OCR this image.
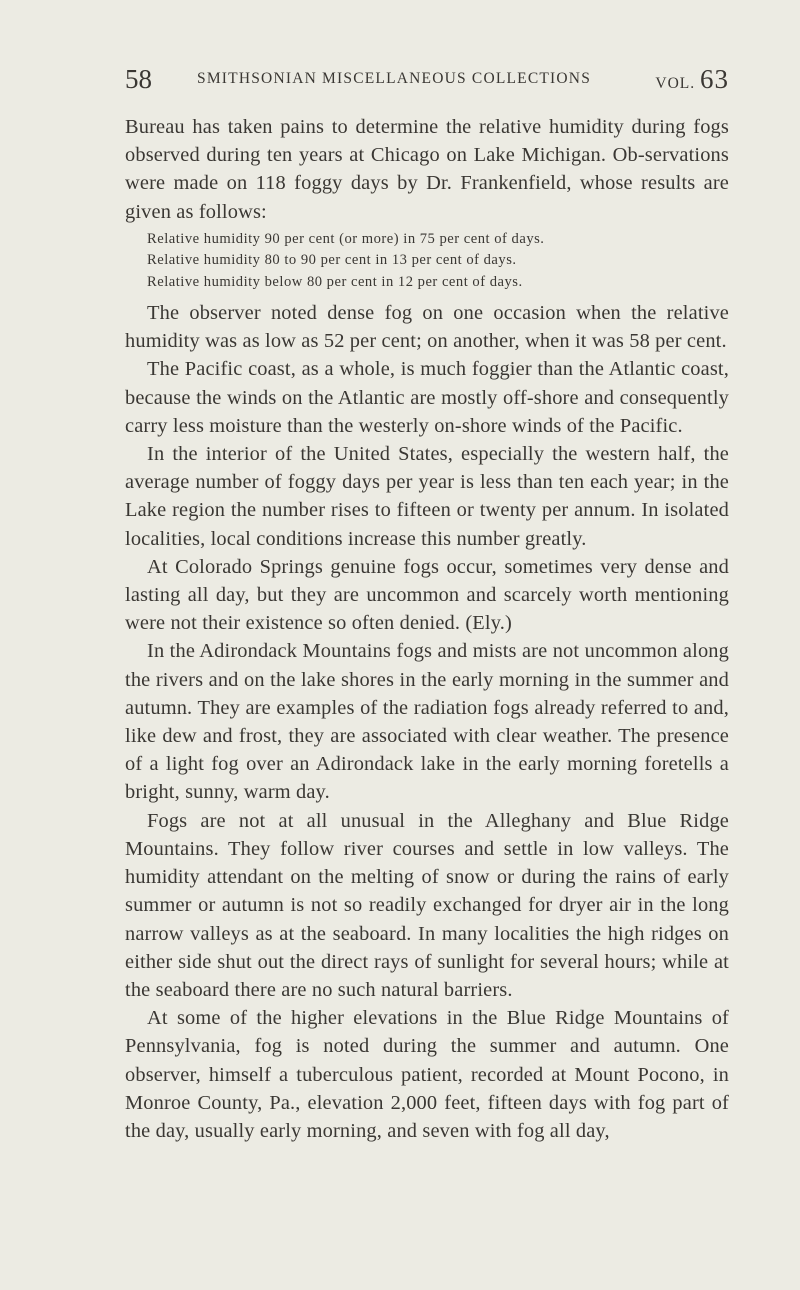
58	SMITHSONIAN MISCELLANEOUS COLLECTIONS	VOL. 63

Bureau has taken pains to determine the relative humidity during fogs observed during ten years at Chicago on Lake Michigan. Ob-servations were made on 118 foggy days by Dr. Frankenfield, whose results are given as follows:

Relative humidity 90 per cent (or more) in 75 per cent of days.
Relative humidity 80 to 90 per cent in 13 per cent of days.
Relative humidity below 80 per cent in 12 per cent of days.

The observer noted dense fog on one occasion when the relative humidity was as low as 52 per cent; on another, when it was 58 per cent.

The Pacific coast, as a whole, is much foggier than the Atlantic coast, because the winds on the Atlantic are mostly off-shore and consequently carry less moisture than the westerly on-shore winds of the Pacific.

In the interior of the United States, especially the western half, the average number of foggy days per year is less than ten each year; in the Lake region the number rises to fifteen or twenty per annum. In isolated localities, local conditions increase this number greatly.

At Colorado Springs genuine fogs occur, sometimes very dense and lasting all day, but they are uncommon and scarcely worth mentioning were not their existence so often denied. (Ely.)

In the Adirondack Mountains fogs and mists are not uncommon along the rivers and on the lake shores in the early morning in the summer and autumn. They are examples of the radiation fogs already referred to and, like dew and frost, they are associated with clear weather. The presence of a light fog over an Adirondack lake in the early morning foretells a bright, sunny, warm day.

Fogs are not at all unusual in the Alleghany and Blue Ridge Mountains. They follow river courses and settle in low valleys. The humidity attendant on the melting of snow or during the rains of early summer or autumn is not so readily exchanged for dryer air in the long narrow valleys as at the seaboard. In many localities the high ridges on either side shut out the direct rays of sunlight for several hours; while at the seaboard there are no such natural barriers.

At some of the higher elevations in the Blue Ridge Mountains of Pennsylvania, fog is noted during the summer and autumn. One observer, himself a tuberculous patient, recorded at Mount Pocono, in Monroe County, Pa., elevation 2,000 feet, fifteen days with fog part of the day, usually early morning, and seven with fog all day,
